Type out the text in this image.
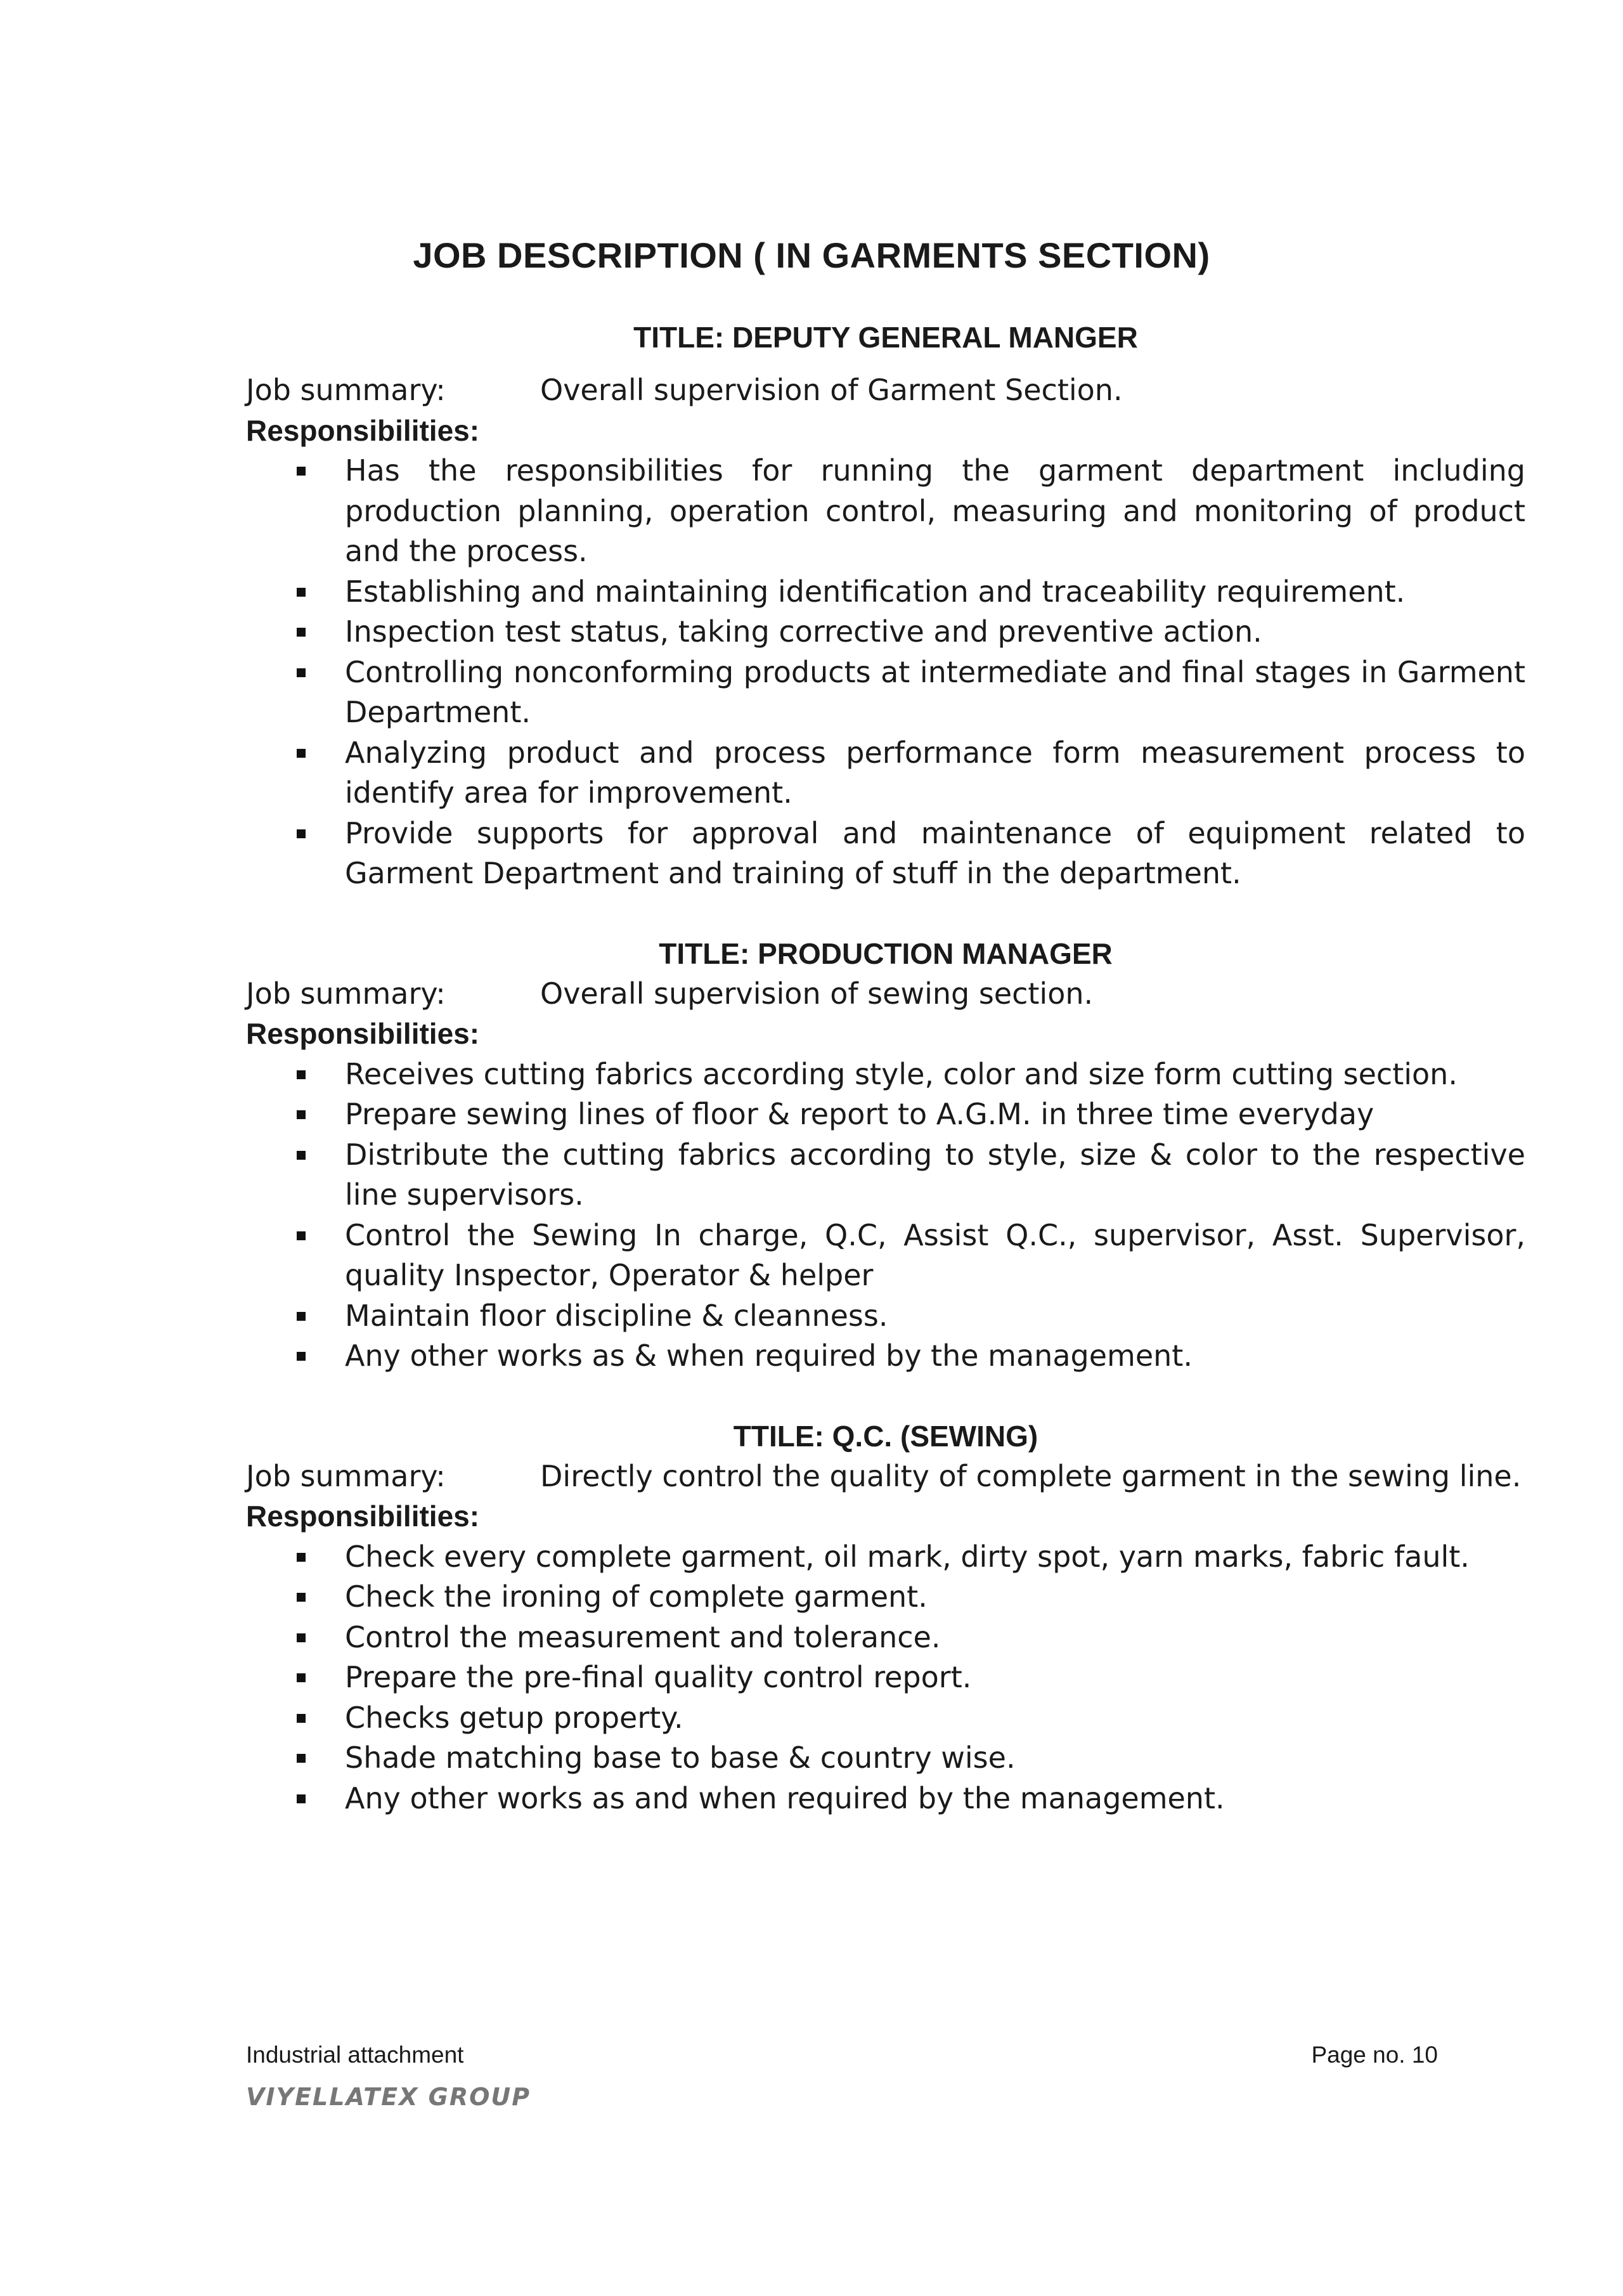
JOB DESCRIPTION ( IN GARMENTS SECTION)
TITLE: DEPUTY GENERAL MANGER

Job summary:	Overall supervision of Garment Section.

Responsibilities:

Has the responsibilities for running the garment department including production planning, operation control, measuring and monitoring of product and the process.
Establishing and maintaining identification and traceability requirement.
Inspection test status, taking corrective and preventive action.
Controlling nonconforming products at intermediate and final stages in Garment Department.
Analyzing product and process performance form measurement process to identify area for improvement.
Provide supports for approval and maintenance of equipment related to Garment Department and training of stuff in the department.
TITLE: PRODUCTION MANAGER

Job summary:	Overall supervision of sewing section.

Responsibilities:

Receives cutting fabrics according style, color and size form cutting section.
Prepare sewing lines of floor & report to A.G.M. in three time everyday
Distribute the cutting fabrics according to style, size & color to the respective line supervisors.
Control the Sewing In charge, Q.C, Assist Q.C., supervisor, Asst. Supervisor, quality Inspector, Operator & helper
Maintain floor discipline & cleanness.
Any other works as & when required by the management.
TTILE: Q.C. (SEWING)

Job summary:	Directly control the quality of complete garment in the sewing line.

Responsibilities:

Check every complete garment, oil mark, dirty spot, yarn marks, fabric fault.
Check the ironing of complete garment.
Control the measurement and tolerance.
Prepare the pre-final quality control report.
Checks getup property.
Shade matching base to base & country wise.
Any other works as and when required by the management.
Industrial attachment	Page no. 10
VIYELLATEX GROUP
